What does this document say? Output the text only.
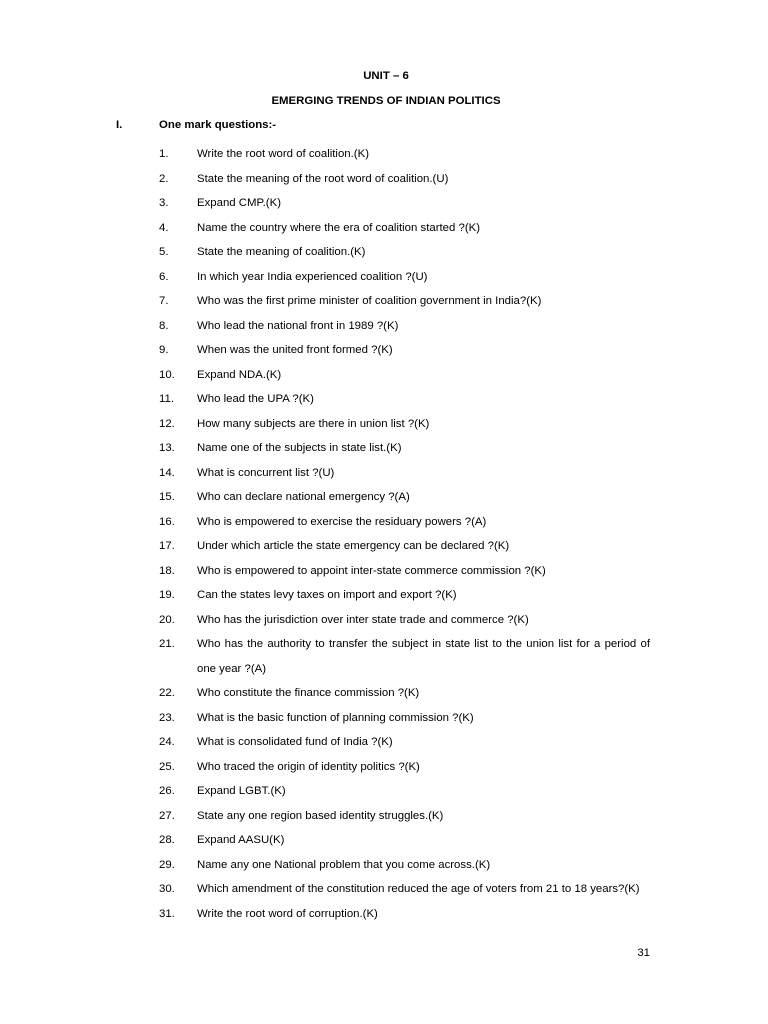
UNIT – 6
EMERGING TRENDS OF INDIAN POLITICS
I.	One mark questions:-
1.	Write the root word of coalition.(K)
2.	State the meaning of the root word of coalition.(U)
3.	Expand CMP.(K)
4.	Name the country where the era of coalition started ?(K)
5.	State the meaning of coalition.(K)
6.	In which year India experienced coalition ?(U)
7.	Who was the first prime minister of coalition government in India?(K)
8.	Who lead the national front in 1989 ?(K)
9.	When was the united front formed ?(K)
10. Expand NDA.(K)
11. Who lead the UPA ?(K)
12. How many subjects are there in union list ?(K)
13. Name one of the subjects in state list.(K)
14. What is concurrent list ?(U)
15. Who can declare national emergency ?(A)
16. Who is empowered to exercise the residuary powers ?(A)
17. Under which article the state emergency can be declared ?(K)
18. Who is empowered to appoint inter-state commerce commission ?(K)
19. Can the states levy taxes on import and export ?(K)
20. Who has the jurisdiction over inter state trade and commerce ?(K)
21. Who has the authority to transfer the subject in state list to the union list for a period of one year ?(A)
22. Who constitute the finance commission ?(K)
23. What is the basic function of planning commission ?(K)
24. What is consolidated fund of India ?(K)
25. Who traced the origin of identity politics ?(K)
26. Expand LGBT.(K)
27. State any one region based identity struggles.(K)
28. Expand AASU(K)
29. Name any one National problem that you come across.(K)
30. Which amendment of the constitution reduced the age of voters from 21 to 18 years?(K)
31. Write the root word of corruption.(K)
31
